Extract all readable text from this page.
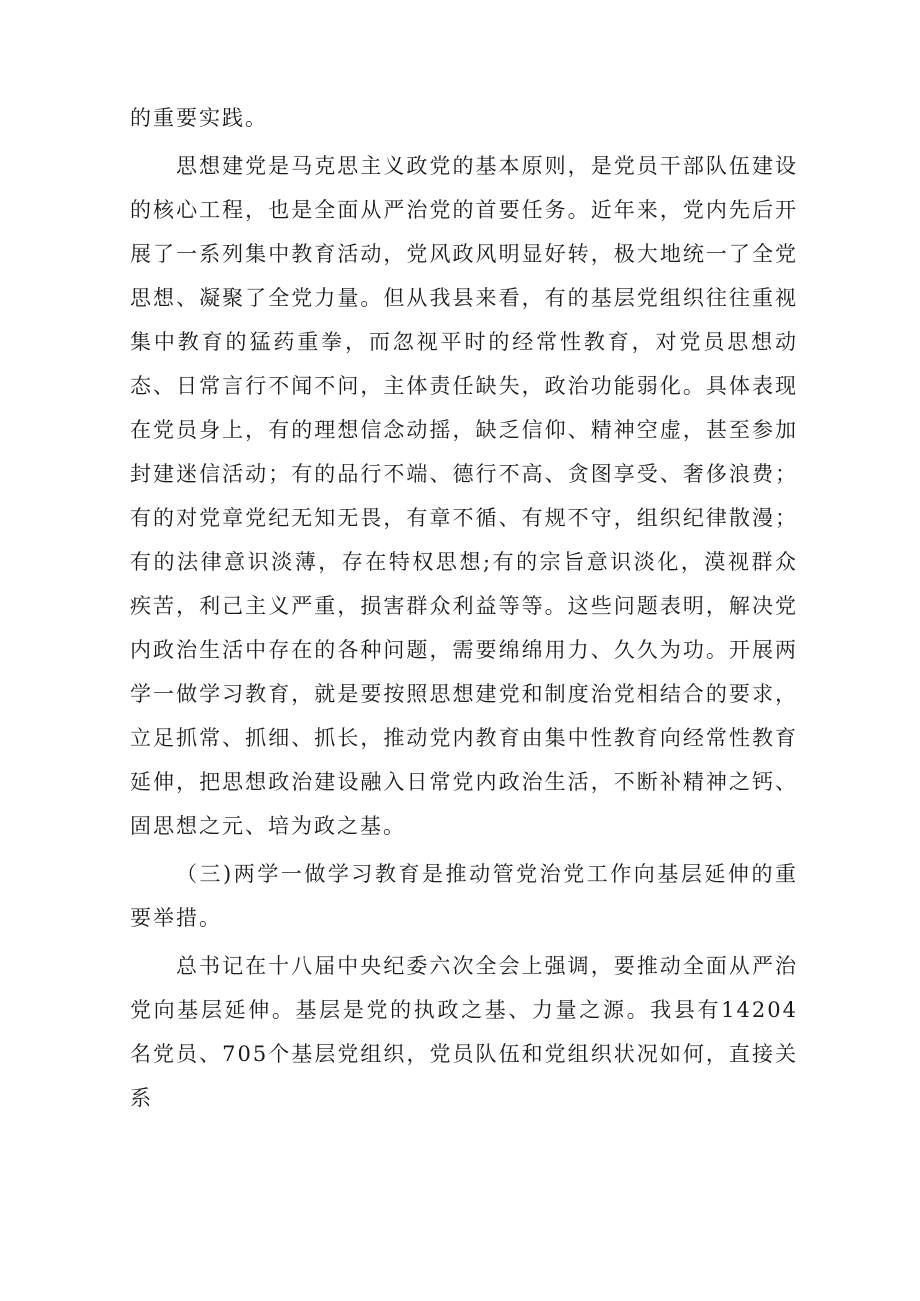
的重要实践。

思想建党是马克思主义政党的基本原则，是党员干部队伍建设的核心工程，也是全面从严治党的首要任务。近年来，党内先后开展了一系列集中教育活动，党风政风明显好转，极大地统一了全党思想、凝聚了全党力量。但从我县来看，有的基层党组织往往重视集中教育的猛药重拳，而忽视平时的经常性教育，对党员思想动态、日常言行不闻不问，主体责任缺失，政治功能弱化。具体表现在党员身上，有的理想信念动摇，缺乏信仰、精神空虚，甚至参加封建迷信活动；有的品行不端、德行不高、贪图享受、奢侈浪费；有的对党章党纪无知无畏，有章不循、有规不守，组织纪律散漫；有的法律意识淡薄，存在特权思想;有的宗旨意识淡化，漠视群众疾苦，利己主义严重，损害群众利益等等。这些问题表明，解决党内政治生活中存在的各种问题，需要绵绵用力、久久为功。开展两学一做学习教育，就是要按照思想建党和制度治党相结合的要求，立足抓常、抓细、抓长，推动党内教育由集中性教育向经常性教育延伸，把思想政治建设融入日常党内政治生活，不断补精神之钙、固思想之元、培为政之基。

（三)两学一做学习教育是推动管党治党工作向基层延伸的重要举措。

总书记在十八届中央纪委六次全会上强调，要推动全面从严治党向基层延伸。基层是党的执政之基、力量之源。我县有14204名党员、705个基层党组织，党员队伍和党组织状况如何，直接关系
